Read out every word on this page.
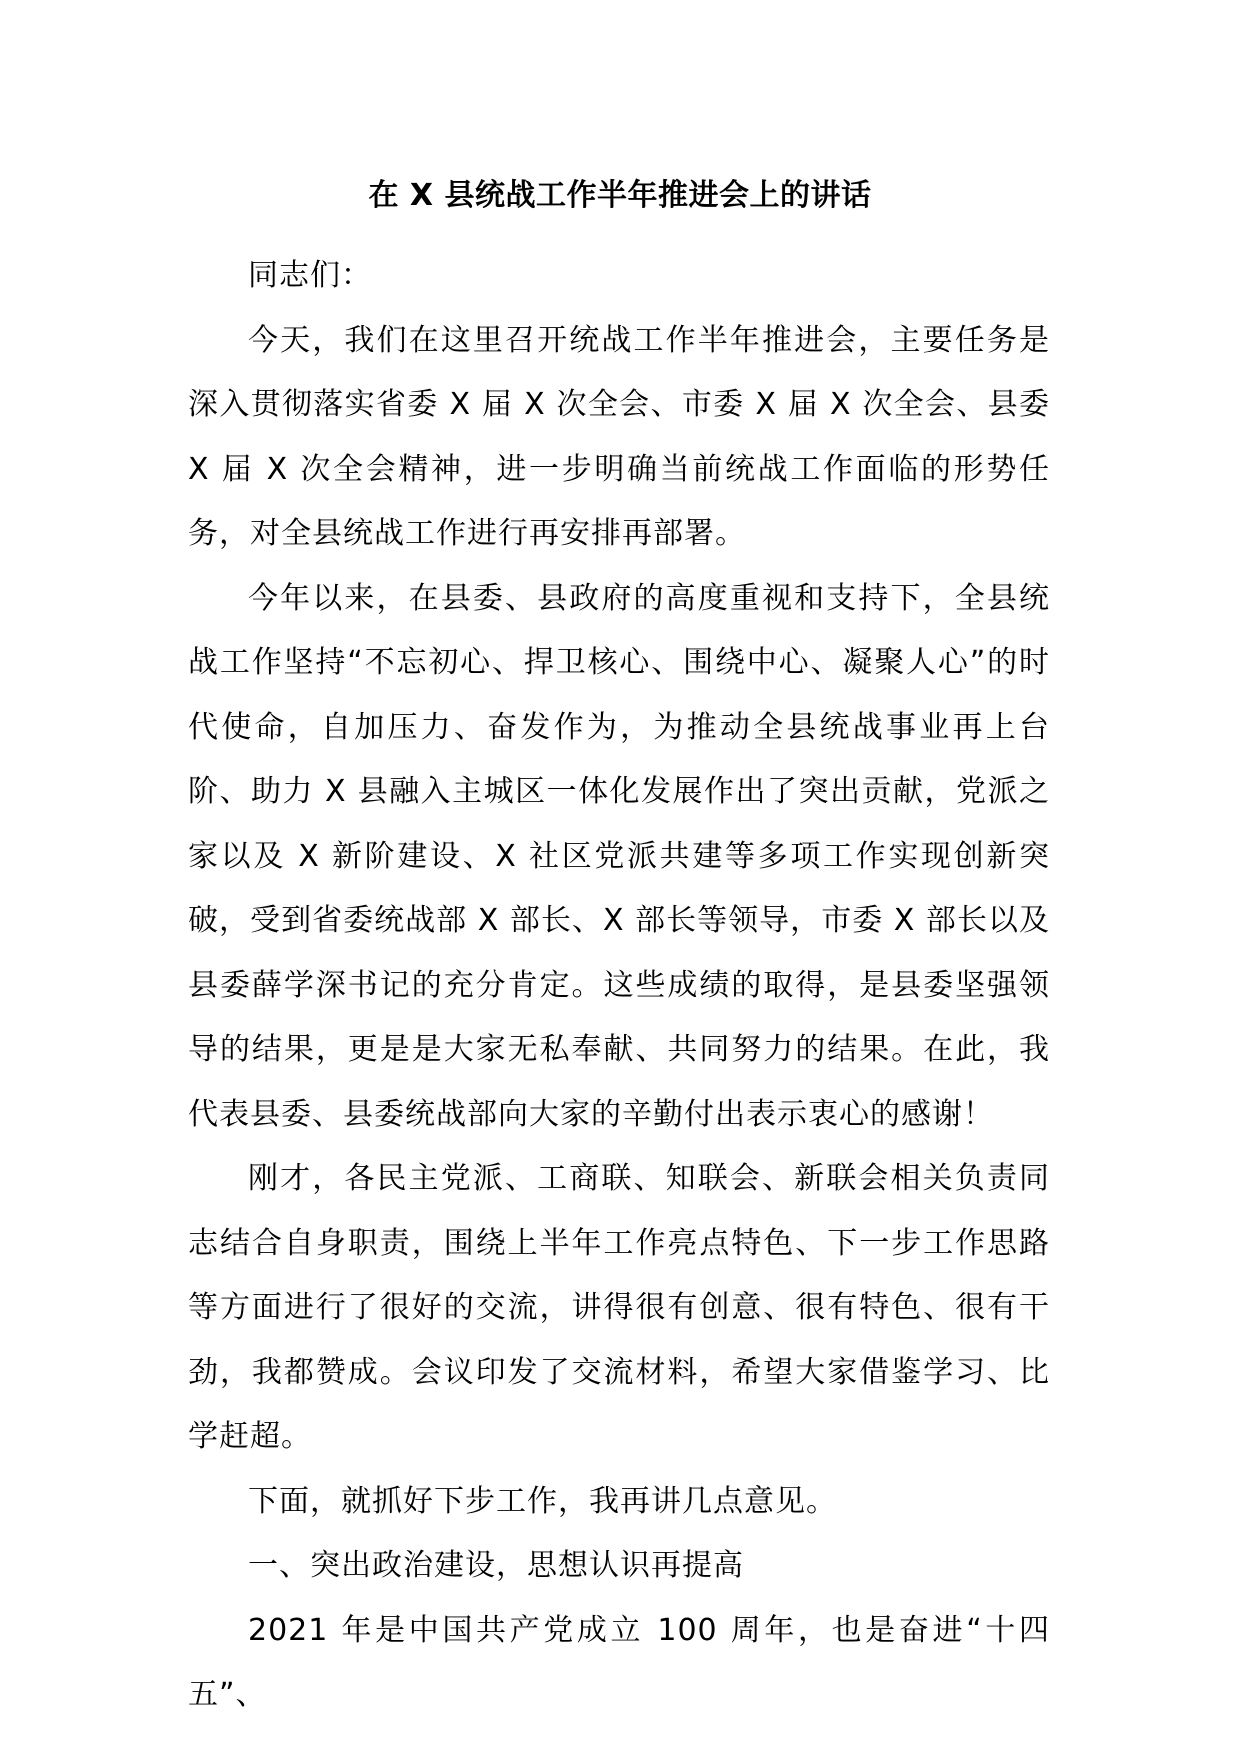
在 X 县统战工作半年推进会上的讲话

同志们：

今天，我们在这里召开统战工作半年推进会，主要任务是深入贯彻落实省委 X 届 X 次全会、市委 X 届 X 次全会、县委 X 届 X 次全会精神，进一步明确当前统战工作面临的形势任务，对全县统战工作进行再安排再部署。

今年以来，在县委、县政府的高度重视和支持下，全县统战工作坚持“不忘初心、捍卫核心、围绕中心、凝聚人心”的时代使命，自加压力、奋发作为，为推动全县统战事业再上台阶、助力 X 县融入主城区一体化发展作出了突出贡献，党派之家以及 X 新阶建设、X 社区党派共建等多项工作实现创新突破，受到省委统战部 X 部长、X 部长等领导，市委 X 部长以及县委薛学深书记的充分肯定。这些成绩的取得，是县委坚强领导的结果，更是是大家无私奉献、共同努力的结果。在此，我代表县委、县委统战部向大家的辛勤付出表示衷心的感谢！

刚才，各民主党派、工商联、知联会、新联会相关负责同志结合自身职责，围绕上半年工作亮点特色、下一步工作思路等方面进行了很好的交流，讲得很有创意、很有特色、很有干劲，我都赞成。会议印发了交流材料，希望大家借鉴学习、比学赶超。

下面，就抓好下步工作，我再讲几点意见。

一、突出政治建设，思想认识再提高

2021 年是中国共产党成立 100 周年，也是奋进“十四五”、
